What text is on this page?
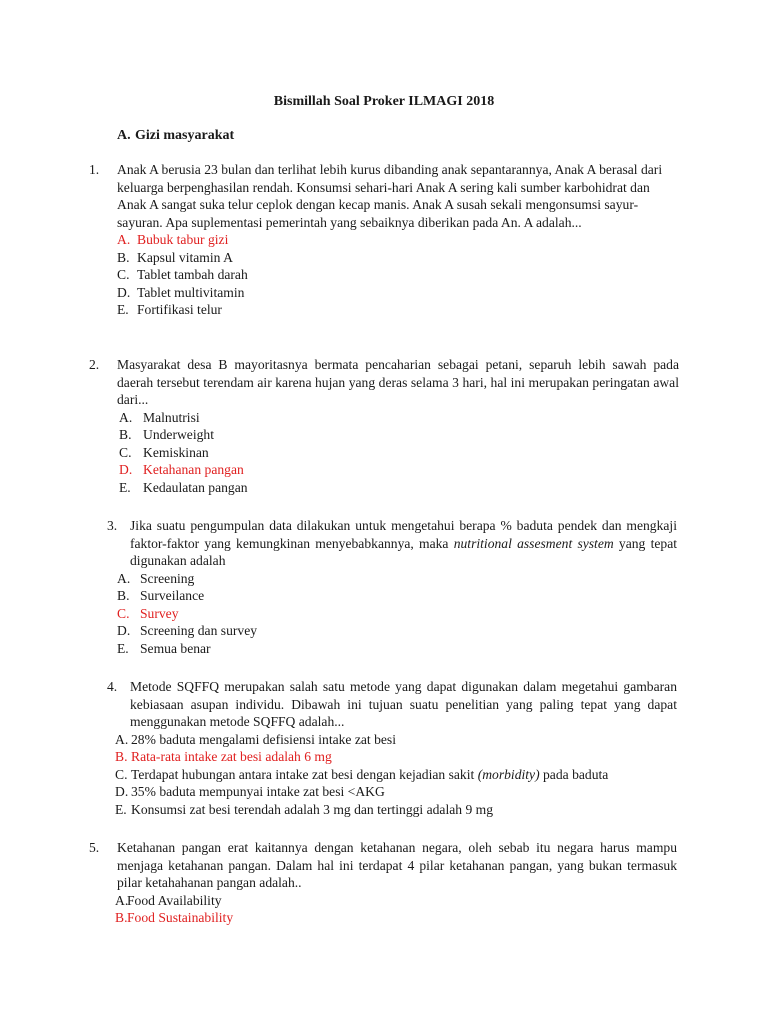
Bismillah Soal Proker ILMAGI 2018
A. Gizi masyarakat
1.	Anak A berusia 23 bulan dan terlihat lebih kurus dibanding anak sepantarannya, Anak A berasal dari keluarga berpenghasilan rendah. Konsumsi sehari-hari Anak A sering kali sumber karbohidrat dan Anak A sangat suka telur ceplok dengan kecap manis. Anak A susah sekali mengonsumsi sayur-sayuran. Apa suplementasi pemerintah yang sebaiknya diberikan pada An. A adalah...
A. Bubuk tabur gizi
B. Kapsul vitamin A
C. Tablet tambah darah
D. Tablet multivitamin
E. Fortifikasi telur
2.	Masyarakat desa B mayoritasnya bermata pencaharian sebagai petani, separuh lebih sawah pada daerah tersebut terendam air karena hujan yang deras selama 3 hari, hal ini merupakan peringatan awal dari...
A. Malnutrisi
B. Underweight
C. Kemiskinan
D. Ketahanan pangan
E. Kedaulatan pangan
3. Jika suatu pengumpulan data dilakukan untuk mengetahui berapa % baduta pendek dan mengkaji faktor-faktor yang kemungkinan menyebabkannya, maka nutritional assesment system yang tepat digunakan adalah
A. Screening
B. Surveilance
C. Survey
D. Screening dan survey
E. Semua benar
4. Metode SQFFQ merupakan salah satu metode yang dapat digunakan dalam megetahui gambaran kebiasaan asupan individu. Dibawah ini tujuan suatu penelitian yang paling tepat yang dapat menggunakan metode SQFFQ adalah...
A. 28% baduta mengalami defisiensi intake zat besi
B. Rata-rata intake zat besi adalah 6 mg
C. Terdapat hubungan antara intake zat besi dengan kejadian sakit (morbidity) pada baduta
D. 35% baduta mempunyai intake zat besi <AKG
E. Konsumsi zat besi terendah adalah 3 mg dan tertinggi adalah 9 mg
5.	Ketahanan pangan erat kaitannya dengan ketahanan negara, oleh sebab itu negara harus mampu menjaga ketahanan pangan. Dalam hal ini terdapat 4 pilar ketahanan pangan, yang bukan termasuk pilar ketahahanan pangan adalah..
A.Food Availability
B.Food Sustainability
